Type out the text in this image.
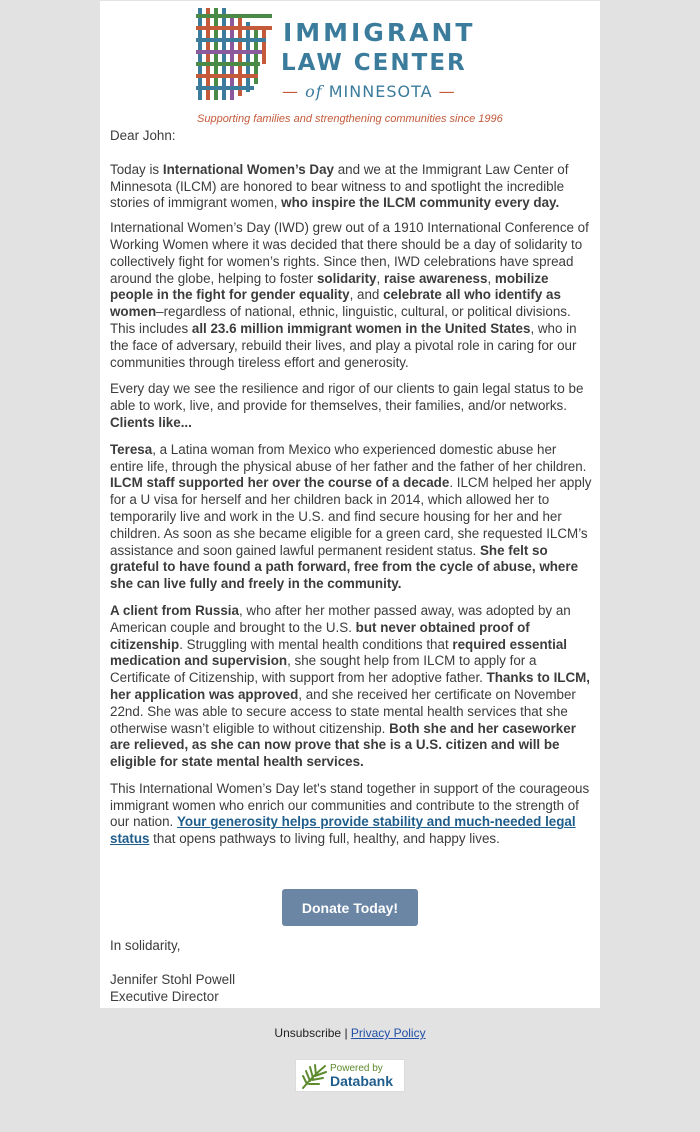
IMMIGRANT
LAW CENTER
— of MINNESOTA —
Supporting families and strengthening communities since 1996

Dear John:

Today is International Women’s Day and we at the Immigrant Law Center of Minnesota (ILCM) are honored to bear witness to and spotlight the incredible stories of immigrant women, who inspire the ILCM community every day.

International Women’s Day (IWD) grew out of a 1910 International Conference of Working Women where it was decided that there should be a day of solidarity to collectively fight for women’s rights. Since then, IWD celebrations have spread around the globe, helping to foster solidarity, raise awareness, mobilize people in the fight for gender equality, and celebrate all who identify as women–regardless of national, ethnic, linguistic, cultural, or political divisions. This includes all 23.6 million immigrant women in the United States, who in the face of adversary, rebuild their lives, and play a pivotal role in caring for our communities through tireless effort and generosity.

Every day we see the resilience and rigor of our clients to gain legal status to be able to work, live, and provide for themselves, their families, and/or networks. Clients like...

Teresa, a Latina woman from Mexico who experienced domestic abuse her entire life, through the physical abuse of her father and the father of her children. ILCM staff supported her over the course of a decade. ILCM helped her apply for a U visa for herself and her children back in 2014, which allowed her to temporarily live and work in the U.S. and find secure housing for her and her children. As soon as she became eligible for a green card, she requested ILCM’s assistance and soon gained lawful permanent resident status. She felt so grateful to have found a path forward, free from the cycle of abuse, where she can live fully and freely in the community.

A client from Russia, who after her mother passed away, was adopted by an American couple and brought to the U.S. but never obtained proof of citizenship. Struggling with mental health conditions that required essential medication and supervision, she sought help from ILCM to apply for a Certificate of Citizenship, with support from her adoptive father. Thanks to ILCM, her application was approved, and she received her certificate on November 22nd. She was able to secure access to state mental health services that she otherwise wasn’t eligible to without citizenship. Both she and her caseworker are relieved, as she can now prove that she is a U.S. citizen and will be eligible for state mental health services.

This International Women’s Day let's stand together in support of the courageous immigrant women who enrich our communities and contribute to the strength of our nation. Your generosity helps provide stability and much-needed legal status that opens pathways to living full, healthy, and happy lives.

Donate Today!

In solidarity,

Jennifer Stohl Powell

Executive Director

Unsubscribe | Privacy Policy
Powered by
Databank
